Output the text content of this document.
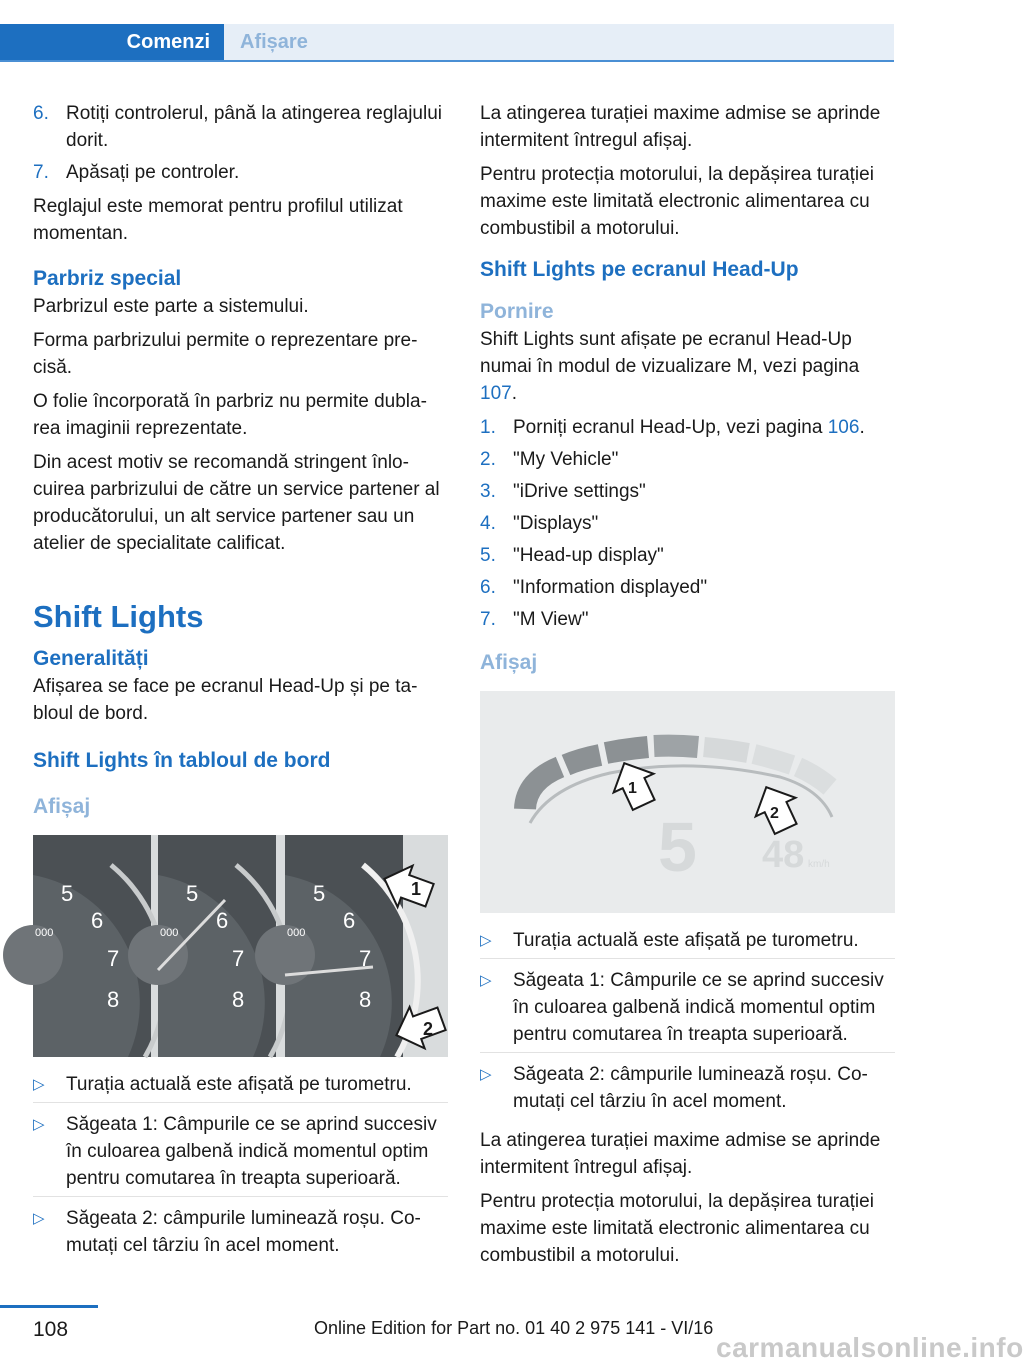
Comenzi Afișare
6. Rotiți controlerul, până la atingerea reglajului dorit.
7. Apăsați pe controler.

Reglajul este memorat pentru profilul utilizat momentan.

Parbriz special

Parbrizul este parte a sistemului.

Forma parbrizului permite o reprezentare precisă.

O folie încorporată în parbriz nu permite dublarea imaginii reprezentate.

Din acest motiv se recomandă stringent înlocuirea parbrizului de către un service partener al producătorului, un alt service partener sau un atelier de specialitate calificat.

Shift Lights
Generalități

Afișarea se face pe ecranul Head-Up și pe tabloul de bord.

Shift Lights în tabloul de bord
Afișaj
5
6
7
8
000
5
6
7
8
000
5
6
7
8
000
1
2
▷	Turația actuală este afișată pe turometru.
▷	Săgeata 1: Câmpurile ce se aprind succesiv în culoarea galbenă indică momentul optim pentru comutarea în treapta superioară.
▷	Săgeata 2: câmpurile luminează roșu. Comutați cel târziu în acel moment.

La atingerea turației maxime admise se aprinde intermitent întregul afișaj.

Pentru protecția motorului, la depășirea turației maxime este limitată electronic alimentarea cu combustibil a motorului.

Shift Lights pe ecranul Head-Up
Pornire

Shift Lights sunt afișate pe ecranul Head-Up numai în modul de vizualizare M, vezi pagina 107.

1. Porniți ecranul Head-Up, vezi pagina 106.
2. "My Vehicle"
3. "iDrive settings"
4. "Displays"
5. "Head-up display"
6. "Information displayed"
7. "M View"
Afișaj
5 48 km/h
1
2
▷	Turația actuală este afișată pe turometru.
▷	Săgeata 1: Câmpurile ce se aprind succesiv în culoarea galbenă indică momentul optim pentru comutarea în treapta superioară.
▷	Săgeata 2: câmpurile luminează roșu. Comutați cel târziu în acel moment.

La atingerea turației maxime admise se aprinde intermitent întregul afișaj.

Pentru protecția motorului, la depășirea turației maxime este limitată electronic alimentarea cu combustibil a motorului.

108	Online Edition for Part no. 01 40 2 975 141 - VI/16
carmanualsonline.info
